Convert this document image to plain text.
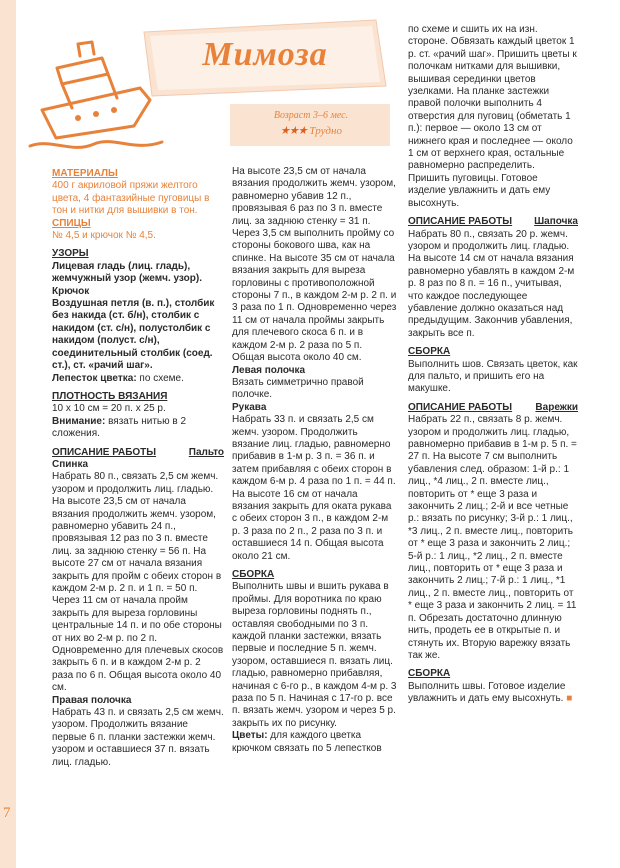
7
Мимоза
Возраст 3–6 мес.
★★★ Трудно

МАТЕРИАЛЫ

400 г акриловой пряжи желтого цвета, 4 фантазийные пуговицы в тон и нитки для вышивки в тон.

СПИЦЫ

№ 4,5 и крючок № 4,5.

УЗОРЫ

Лицевая гладь (лиц. гладь), жемчужный узор (жемч. узор).

Крючок

Воздушная петля (в. п.), столбик без накида (ст. б/н), столбик с накидом (ст. с/н), полустолбик с накидом (полуст. с/н), соединительный столбик (соед. ст.), ст. «рачий шаг».

Лепесток цветка: по схеме.

ПЛОТНОСТЬ ВЯЗАНИЯ

10 х 10 см = 20 п. х 25 р.

Внимание: вязать нитью в 2 сложения.

ОПИСАНИЕ РАБОТЫ	Пальто

Спинка

Набрать 80 п., связать 2,5 см жемч. узором и продолжить лиц. гладью. На высоте 23,5 см от начала вязания продолжить жемч. узором, равномерно убавить 24 п., провязывая 12 раз по 3 п. вместе лиц. за заднюю стенку = 56 п. На высоте 27 см от начала вязания закрыть для пройм с обеих сторон в каждом 2-м р. 2 п. и 1 п. = 50 п. Через 11 см от начала пройм закрыть для выреза горловины центральные 14 п. и по обе стороны от них во 2-м р. по 2 п. Одновременно для плечевых скосов закрыть 6 п. и в каждом 2-м р. 2 раза по 6 п. Общая высота около 40 см.

Правая полочка

Набрать 43 п. и связать 2,5 см жемч. узором. Продолжить вязание первые 6 п. планки застежки жемч. узором и оставшиеся 37 п. вязать лиц. гладью.

На высоте 23,5 см от начала вязания продолжить жемч. узором, равномерно убавив 12 п., провязывая 6 раз по 3 п. вместе лиц. за заднюю стенку = 31 п. Через 3,5 см выполнить пройму со стороны бокового шва, как на спинке. На высоте 35 см от начала вязания закрыть для выреза горловины с противоположной стороны 7 п., в каждом 2-м р. 2 п. и 3 раза по 1 п. Одновременно через 11 см от начала проймы закрыть для плечевого скоса 6 п. и в каждом 2-м р. 2 раза по 5 п. Общая высота около 40 см.

Левая полочка

Вязать симметрично правой полочке.

Рукава

Набрать 33 п. и связать 2,5 см жемч. узором. Продолжить вязание лиц. гладью, равномерно прибавив в 1-м р. 3 п. = 36 п. и затем прибавляя с обеих сторон в каждом 6-м р. 4 раза по 1 п. = 44 п. На высоте 16 см от начала вязания закрыть для оката рукава с обеих сторон 3 п., в каждом 2-м р. 3 раза по 2 п., 2 раза по 3 п. и оставшиеся 14 п. Общая высота около 21 см.

СБОРКА

Выполнить швы и вшить рукава в проймы. Для воротника по краю выреза горловины поднять п., оставляя свободными по 3 п. каждой планки застежки, вязать первые и последние 5 п. жемч. узором, оставшиеся п. вязать лиц. гладью, равномерно прибавляя, начиная с 6-го р., в каждом 4-м р. 3 раза по 5 п. Начиная с 17-го р. все п. вязать жемч. узором и через 5 р. закрыть их по рисунку.

Цветы: для каждого цветка крючком связать по 5 лепестков

по схеме и сшить их на изн. стороне. Обвязать каждый цветок 1 р. ст. «рачий шаг». Пришить цветы к полочкам нитками для вышивки, вышивая серединки цветов узелками. На планке застежки правой полочки выполнить 4 отверстия для пуговиц (обметать 1 п.): первое — около 13 см от нижнего края и последнее — около 1 см от верхнего края, остальные равномерно распределить. Пришить пуговицы. Готовое изделие увлажнить и дать ему высохнуть.

ОПИСАНИЕ РАБОТЫ Шапочка

Набрать 80 п., связать 20 р. жемч. узором и продолжить лиц. гладью. На высоте 14 см от начала вязания равномерно убавлять в каждом 2-м р. 8 раз по 8 п. = 16 п., учитывая, что каждое последующее убавление должно оказаться над предыдущим. Закончив убавления, закрыть все п.

СБОРКА

Выполнить шов. Связать цветок, как для пальто, и пришить его на макушке.

ОПИСАНИЕ РАБОТЫ Варежки

Набрать 22 п., связать 8 р. жемч. узором и продолжить лиц. гладью, равномерно прибавив в 1-м р. 5 п. = 27 п. На высоте 7 см выполнить убавления след. образом: 1-й р.: 1 лиц., *4 лиц., 2 п. вместе лиц., повторить от * еще 3 раза и закончить 2 лиц.; 2-й и все четные р.: вязать по рисунку; 3-й р.: 1 лиц., *3 лиц., 2 п. вместе лиц., повторить от * еще 3 раза и закончить 2 лиц.; 5-й р.: 1 лиц., *2 лиц., 2 п. вместе лиц., повторить от * еще 3 раза и закончить 2 лиц.; 7-й р.: 1 лиц., *1 лиц., 2 п. вместе лиц., повторить от * еще 3 раза и закончить 2 лиц. = 11 п. Обрезать достаточно длинную нить, продеть ее в открытые п. и стянуть их. Вторую варежку вязать так же.

СБОРКА

Выполнить швы. Готовое изделие увлажнить и дать ему высохнуть. ■
